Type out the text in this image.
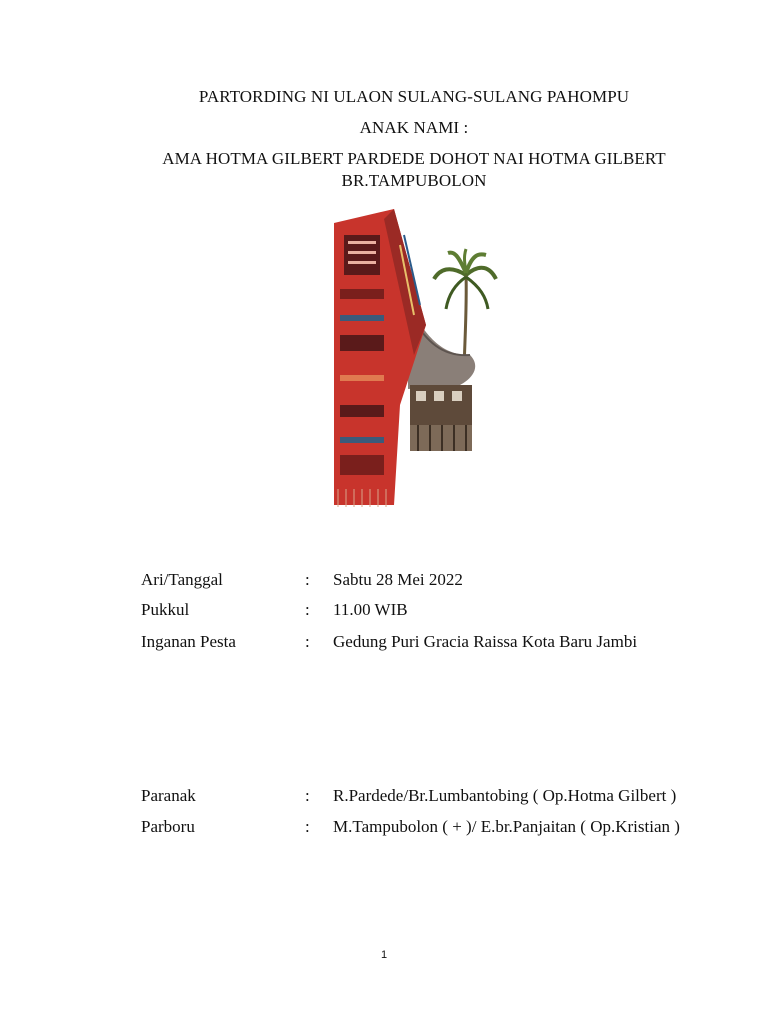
PARTORDING NI ULAON SULANG-SULANG PAHOMPU
ANAK NAMI :
AMA HOTMA GILBERT PARDEDE DOHOT NAI HOTMA GILBERT
BR.TAMPUBOLON
Ari/Tanggal	: Sabtu 28 Mei 2022
Pukkul	: 11.00 WIB
Inganan Pesta	: Gedung Puri Gracia Raissa Kota Baru Jambi
Paranak	: R.Pardede/Br.Lumbantobing ( Op.Hotma Gilbert )
Parboru	: M.Tampubolon ( + )/ E.br.Panjaitan ( Op.Kristian )
1
